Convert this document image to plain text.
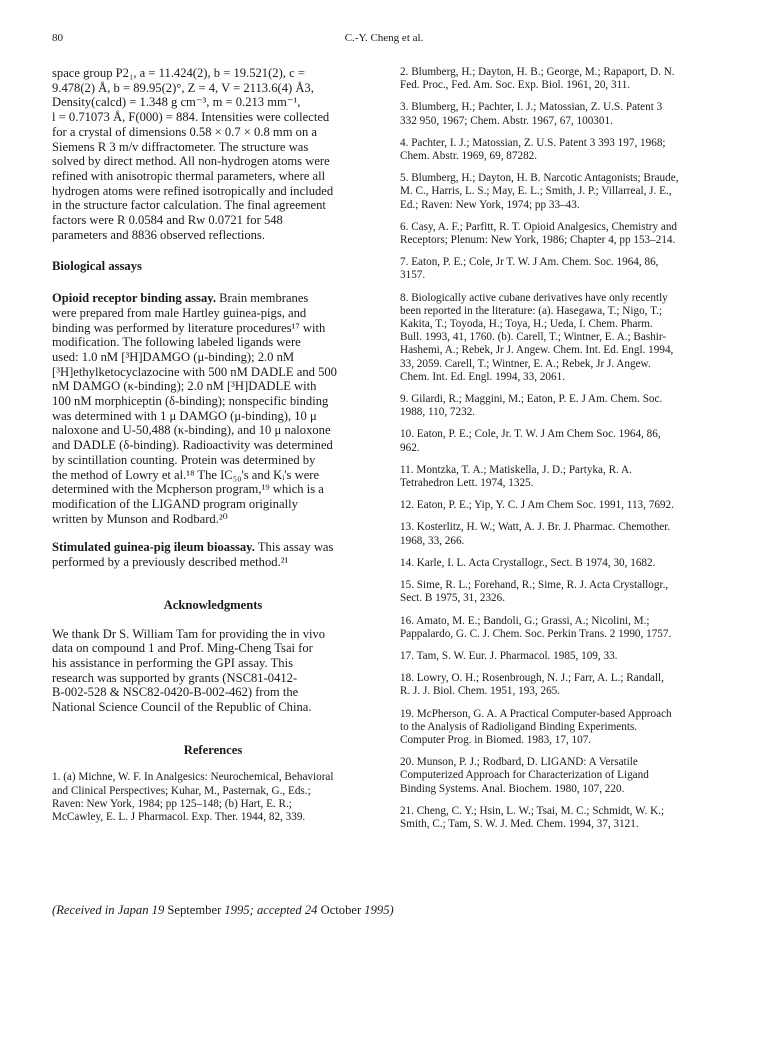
80	C.-Y. Cheng et al.

space group P2₁, a = 11.424(2), b = 19.521(2), c =
9.478(2) Å, b = 89.95(2)°, Z = 4, V = 2113.6(4) Å3,
Density(calcd) = 1.348 g cm⁻³, m = 0.213 mm⁻¹,
l = 0.71073 Å, F(000) = 884. Intensities were collected
for a crystal of dimensions 0.58 × 0.7 × 0.8 mm on a
Siemens R 3 m/v diffractometer. The structure was
solved by direct method. All non-hydrogen atoms were
refined with anisotropic thermal parameters, where all
hydrogen atoms were refined isotropically and included
in the structure factor calculation. The final agreement
factors were R 0.0584 and Rw 0.0721 for 548
parameters and 8836 observed reflections.

Biological assays

Opioid receptor binding assay. Brain membranes
were prepared from male Hartley guinea-pigs, and
binding was performed by literature procedures¹⁷ with
modification. The following labeled ligands were
used: 1.0 nM [³H]DAMGO (μ-binding); 2.0 nM
[³H]ethylketocyclazocine with 500 nM DADLE and 500
nM DAMGO (κ-binding); 2.0 nM [³H]DADLE with
100 nM morphiceptin (δ-binding); nonspecific binding
was determined with 1 μ DAMGO (μ-binding), 10 μ
naloxone and U-50,488 (κ-binding), and 10 μ naloxone
and DADLE (δ-binding). Radioactivity was determined
by scintillation counting. Protein was determined by
the method of Lowry et al.¹⁸ The IC₅₀'s and Kᵢ's were
determined with the Mcpherson program,¹⁹ which is a
modification of the LIGAND program originally
written by Munson and Rodbard.²⁰

Stimulated guinea-pig ileum bioassay. This assay was
performed by a previously described method.²¹

Acknowledgments

We thank Dr S. William Tam for providing the in vivo
data on compound 1 and Prof. Ming-Cheng Tsai for
his assistance in performing the GPI assay. This
research was supported by grants (NSC81-0412-
B-002-528 & NSC82-0420-B-002-462) from the
National Science Council of the Republic of China.

References

1. (a) Michne, W. F. In Analgesics: Neurochemical, Behavioral
and Clinical Perspectives; Kuhar, M., Pasternak, G., Eds.;
Raven: New York, 1984; pp 125–148; (b) Hart, E. R.;
McCawley, E. L. J Pharmacol. Exp. Ther. 1944, 82, 339.

2. Blumberg, H.; Dayton, H. B.; George, M.; Rapaport, D. N.
Fed. Proc., Fed. Am. Soc. Exp. Biol. 1961, 20, 311.

3. Blumberg, H.; Pachter, I. J.; Matossian, Z. U.S. Patent 3
332 950, 1967; Chem. Abstr. 1967, 67, 100301.

4. Pachter, I. J.; Matossian, Z. U.S. Patent 3 393 197, 1968;
Chem. Abstr. 1969, 69, 87282.

5. Blumberg, H.; Dayton, H. B. Narcotic Antagonists; Braude,
M. C., Harris, L. S.; May, E. L.; Smith, J. P.; Villarreal, J. E.,
Ed.; Raven: New York, 1974; pp 33–43.

6. Casy, A. F.; Parfitt, R. T. Opioid Analgesics, Chemistry and
Receptors; Plenum: New York, 1986; Chapter 4, pp 153–214.

7. Eaton, P. E.; Cole, Jr T. W. J Am. Chem. Soc. 1964, 86,
3157.

8. Biologically active cubane derivatives have only recently
been reported in the literature: (a). Hasegawa, T.; Nigo, T.;
Kakita, T.; Toyoda, H.; Toya, H.; Ueda, I. Chem. Pharm.
Bull. 1993, 41, 1760. (b). Carell, T.; Wintner, E. A.; Bashir-
Hashemi, A.; Rebek, Jr J. Angew. Chem. Int. Ed. Engl. 1994,
33, 2059. Carell, T.; Wintner, E. A.; Rebek, Jr J. Angew.
Chem. Int. Ed. Engl. 1994, 33, 2061.

9. Gilardi, R.; Maggini, M.; Eaton, P. E. J Am. Chem. Soc.
1988, 110, 7232.

10. Eaton, P. E.; Cole, Jr. T. W. J Am Chem Soc. 1964, 86,
962.

11. Montzka, T. A.; Matiskella, J. D.; Partyka, R. A.
Tetrahedron Lett. 1974, 1325.

12. Eaton, P. E.; Yip, Y. C. J Am Chem Soc. 1991, 113, 7692.

13. Kosterlitz, H. W.; Watt, A. J. Br. J. Pharmac. Chemother.
1968, 33, 266.

14. Karle, I. L. Acta Crystallogr., Sect. B 1974, 30, 1682.

15. Sime, R. L.; Forehand, R.; Sime, R. J. Acta Crystallogr.,
Sect. B 1975, 31, 2326.

16. Amato, M. E.; Bandoli, G.; Grassi, A.; Nicolini, M.;
Pappalardo, G. C. J. Chem. Soc. Perkin Trans. 2 1990, 1757.

17. Tam, S. W. Eur. J. Pharmacol. 1985, 109, 33.

18. Lowry, O. H.; Rosenbrough, N. J.; Farr, A. L.; Randall,
R. J. J. Biol. Chem. 1951, 193, 265.

19. McPherson, G. A. A Practical Computer-based Approach
to the Analysis of Radioligand Binding Experiments.
Computer Prog. in Biomed. 1983, 17, 107.

20. Munson, P. J.; Rodbard, D. LIGAND: A Versatile
Computerized Approach for Characterization of Ligand
Binding Systems. Anal. Biochem. 1980, 107, 220.

21. Cheng, C. Y.; Hsin, L. W.; Tsai, M. C.; Schmidt, W. K.;
Smith, C.; Tam, S. W. J. Med. Chem. 1994, 37, 3121.

(Received in Japan 19 September 1995; accepted 24 October 1995)
